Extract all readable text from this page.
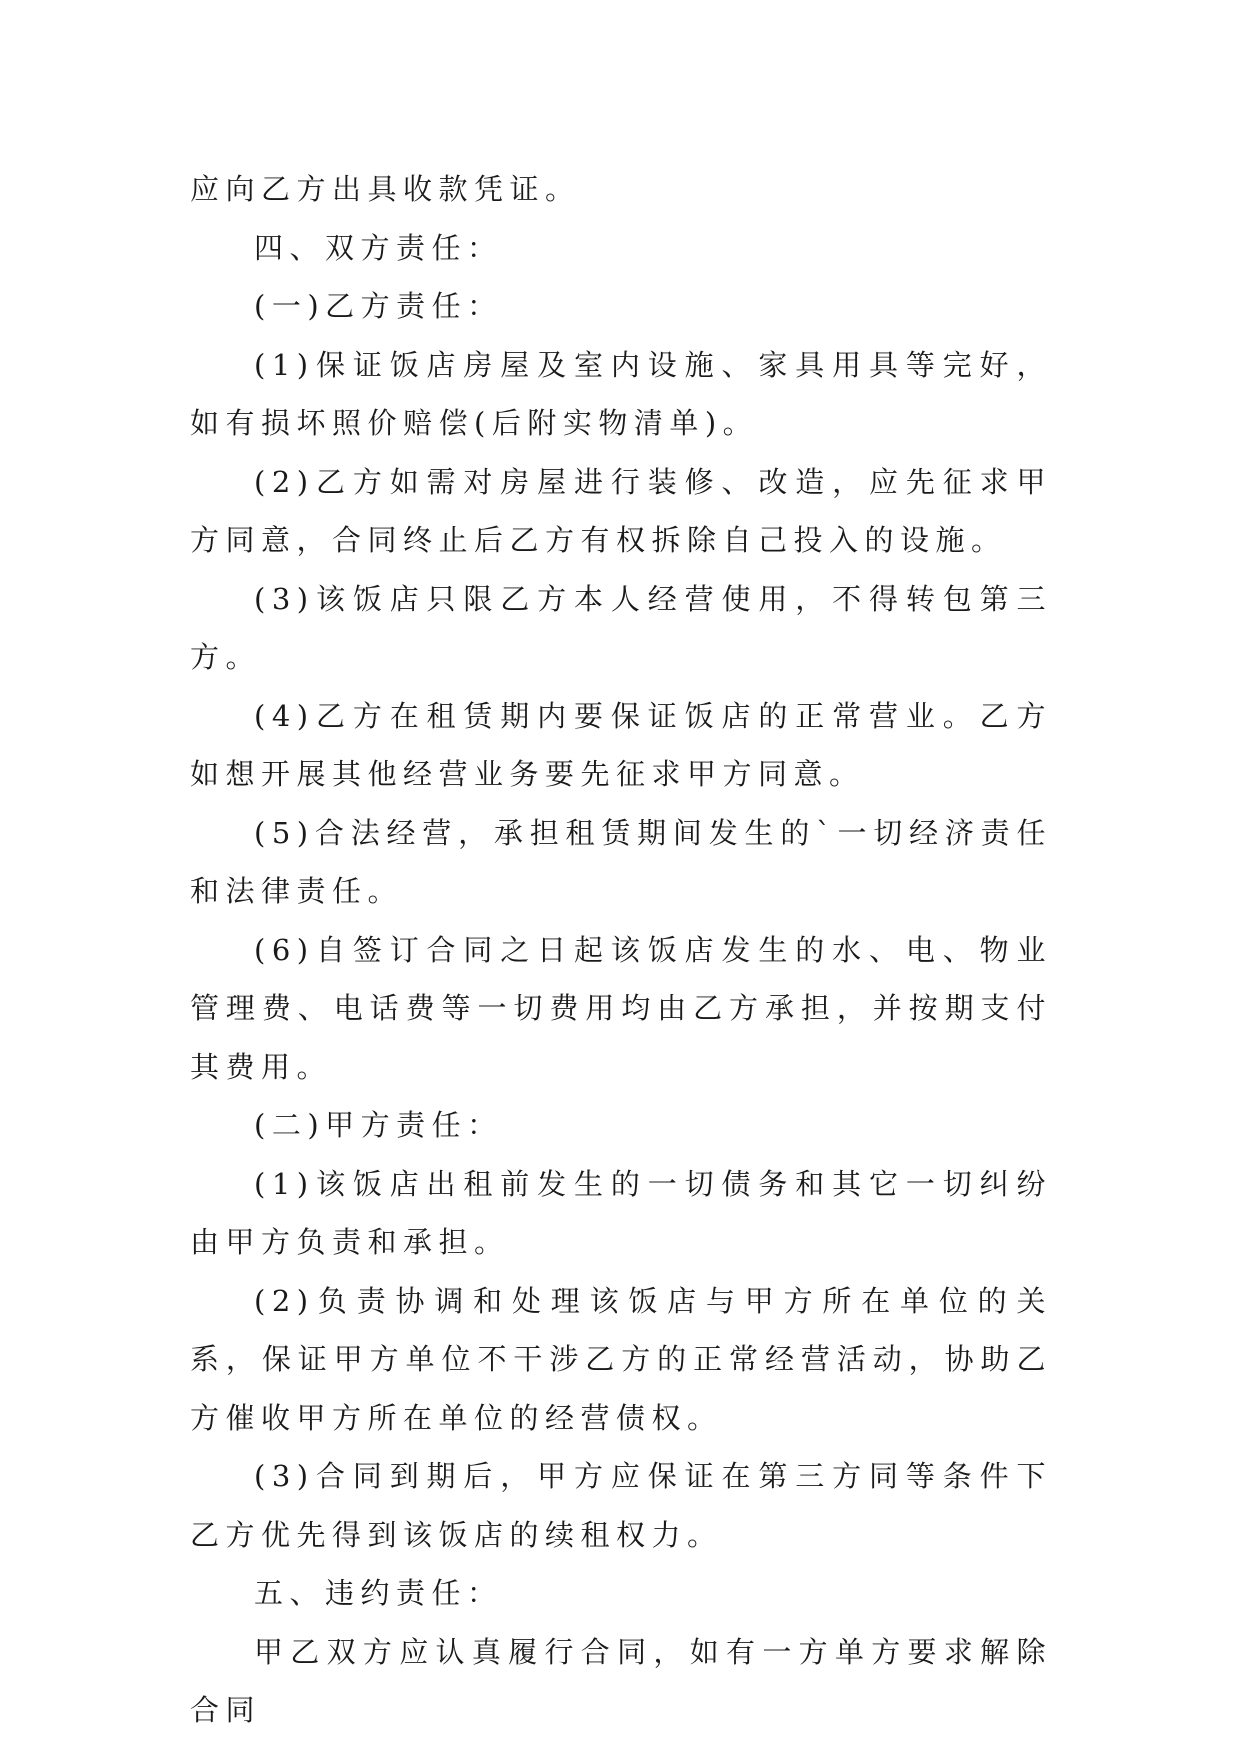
应向乙方出具收款凭证。

四、双方责任：

(一)乙方责任：

(1)保证饭店房屋及室内设施、家具用具等完好，如有损坏照价赔偿(后附实物清单)。

(2)乙方如需对房屋进行装修、改造，应先征求甲方同意，合同终止后乙方有权拆除自己投入的设施。

(3)该饭店只限乙方本人经营使用，不得转包第三方。

(4)乙方在租赁期内要保证饭店的正常营业。乙方如想开展其他经营业务要先征求甲方同意。

(5)合法经营，承担租赁期间发生的`一切经济责任和法律责任。

(6)自签订合同之日起该饭店发生的水、电、物业管理费、电话费等一切费用均由乙方承担，并按期支付其费用。

(二)甲方责任：

(1)该饭店出租前发生的一切债务和其它一切纠纷由甲方负责和承担。

(2)负责协调和处理该饭店与甲方所在单位的关系，保证甲方单位不干涉乙方的正常经营活动，协助乙方催收甲方所在单位的经营债权。

(3)合同到期后，甲方应保证在第三方同等条件下乙方优先得到该饭店的续租权力。

五、违约责任：

甲乙双方应认真履行合同，如有一方单方要求解除合同
